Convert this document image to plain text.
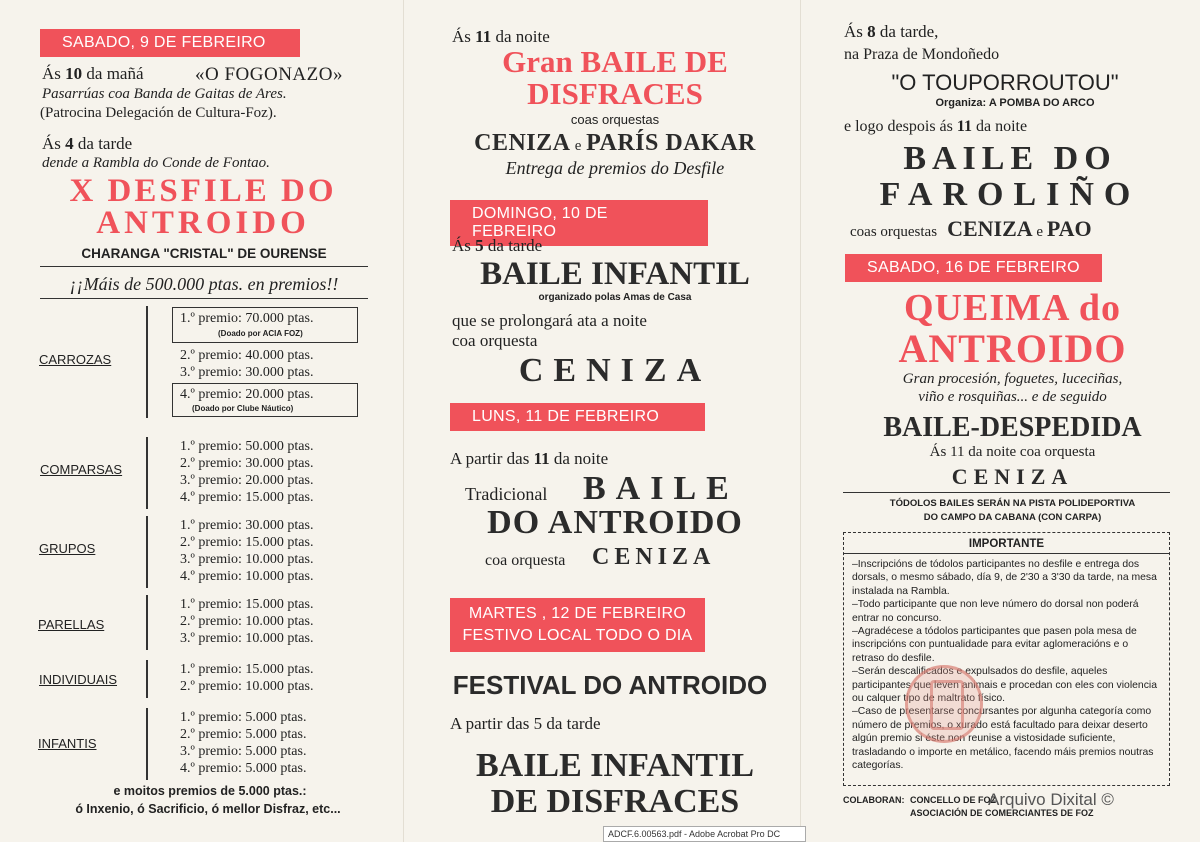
SABADO, 9 DE FEBREIRO
Ás 10 da mañá	«O FOGONAZO»
Pasarrúas coa Banda de Gaitas de Ares.
(Patrocina Delegación de Cultura-Foz).
Ás 4 da tarde
dende a Rambla do Conde de Fontao.
X DESFILE DO
ANTROIDO
CHARANGA "CRISTAL" DE OURENSE
¡¡Máis de 500.000 ptas. en premios!!
CARROZAS
1.º premio: 70.000 ptas.
(Doado por ACIA FOZ)
2.º premio: 40.000 ptas.
3.º premio: 30.000 ptas.
4.º premio: 20.000 ptas.
(Doado por Clube Náutico)
COMPARSAS
1.º premio: 50.000 ptas.
2.º premio: 30.000 ptas.
3.º premio: 20.000 ptas.
4.º premio: 15.000 ptas.
GRUPOS
1.º premio: 30.000 ptas.
2.º premio: 15.000 ptas.
3.º premio: 10.000 ptas.
4.º premio: 10.000 ptas.
PARELLAS
1.º premio: 15.000 ptas.
2.º premio: 10.000 ptas.
3.º premio: 10.000 ptas.
INDIVIDUAIS
1.º premio: 15.000 ptas.
2.º premio: 10.000 ptas.
INFANTIS
1.º premio: 5.000 ptas.
2.º premio: 5.000 ptas.
3.º premio: 5.000 ptas.
4.º premio: 5.000 ptas.
e moitos premios de 5.000 ptas.:
ó Inxenio, ó Sacrificio, ó mellor Disfraz, etc...
Ás 11 da noite
Gran BAILE DE
DISFRACES
coas orquestas
CENIZA e PARÍS DAKAR
Entrega de premios do Desfile
DOMINGO, 10 DE FEBREIRO
Ás 5 da tarde
BAILE INFANTIL
organizado polas Amas de Casa
que se prolongará ata a noite
coa orquesta
CENIZA
LUNS, 11 DE FEBREIRO
A partir das 11 da noite
Tradicional BAILE
DO ANTROIDO
coa orquesta CENIZA
MARTES , 12 DE FEBREIRO
FESTIVO LOCAL TODO O DIA
FESTIVAL DO ANTROIDO
A partir das 5 da tarde
BAILE INFANTIL
DE DISFRACES
Ás 8 da tarde,
na Praza de Mondoñedo
"O TOUPORROUTOU"
Organiza: A POMBA DO ARCO
e logo despois ás 11 da noite
BAILE DO
FAROLIÑO
coas orquestas CENIZA e PAO
SABADO, 16 DE FEBREIRO
QUEIMA do
ANTROIDO
Gran procesión, foguetes, luceciñas,
viño e rosquiñas... e de seguido
BAILE-DESPEDIDA
Ás 11 da noite coa orquesta
CENIZA
TÓDOLOS BAILES SERÁN NA PISTA POLIDEPORTIVA
DO CAMPO DA CABANA (CON CARPA)
IMPORTANTE

–Inscripcións de tódolos participantes no desfile e entrega dos dorsals, o mesmo sábado, día 9, de 2'30 a 3'30 da tarde, na mesa instalada na Rambla.

–Todo participante que non leve número do dorsal non poderá entrar no concurso.

–Agradécese a tódolos participantes que pasen pola mesa de inscripcións con puntualidade para evitar aglomeracións e o retraso do desfile.

–Serán descalificados e expulsados do desfile, aqueles participantes que leven animais e procedan con eles con violencia ou calquer tipo de maltrato físico.

–Caso de presentarse concursantes por algunha categoría como número de premios, o xurado está facultado para deixar deserto algún premio si éste non reunise a vistosidade suficiente, trasladando o importe en metálico, facendo máis premios noutras categorías.

COLABORAN: CONCELLO DE FOZ
ASOCIACIÓN DE COMERCIANTES DE FOZ
Arquivo Dixital ©
ADCF.6.00563.pdf - Adobe Acrobat Pro DC
